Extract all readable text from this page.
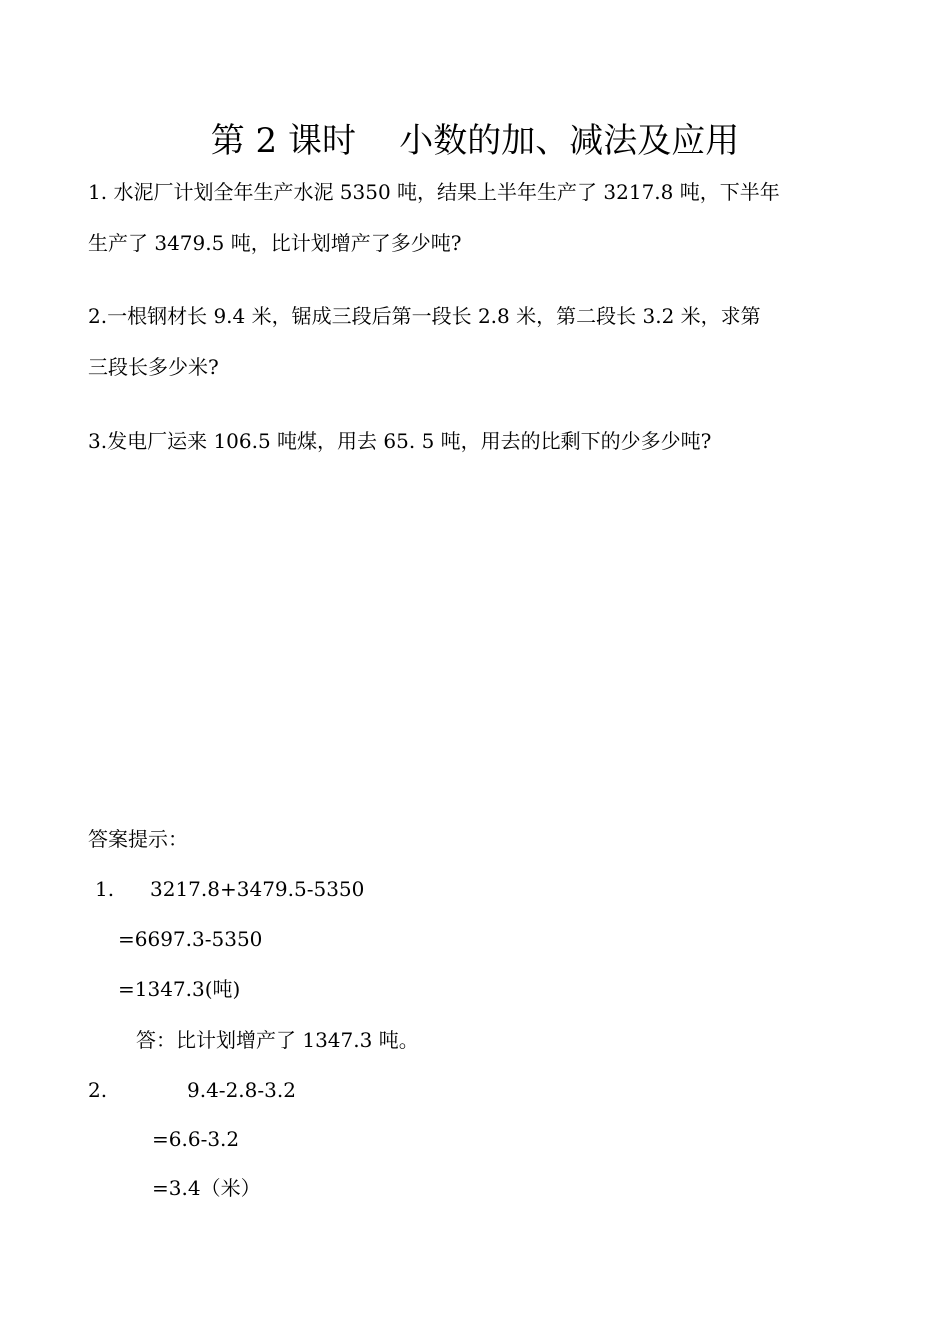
第 2 课时    小数的加、减法及应用
1. 水泥厂计划全年生产水泥 5350 吨，结果上半年生产了 3217.8 吨，下半年
生产了 3479.5 吨，比计划增产了多少吨?
2.一根钢材长 9.4 米，锯成三段后第一段长 2.8 米，第二段长 3.2 米，求第
三段长多少米?
3.发电厂运来 106.5 吨煤，用去 65. 5 吨，用去的比剩下的少多少吨?
答案提示：
1. 3217.8+3479.5-5350
=6697.3-5350
=1347.3(吨)
答：比计划增产了 1347.3 吨。
2.	9.4-2.8-3.2
=6.6-3.2
=3.4（米）
